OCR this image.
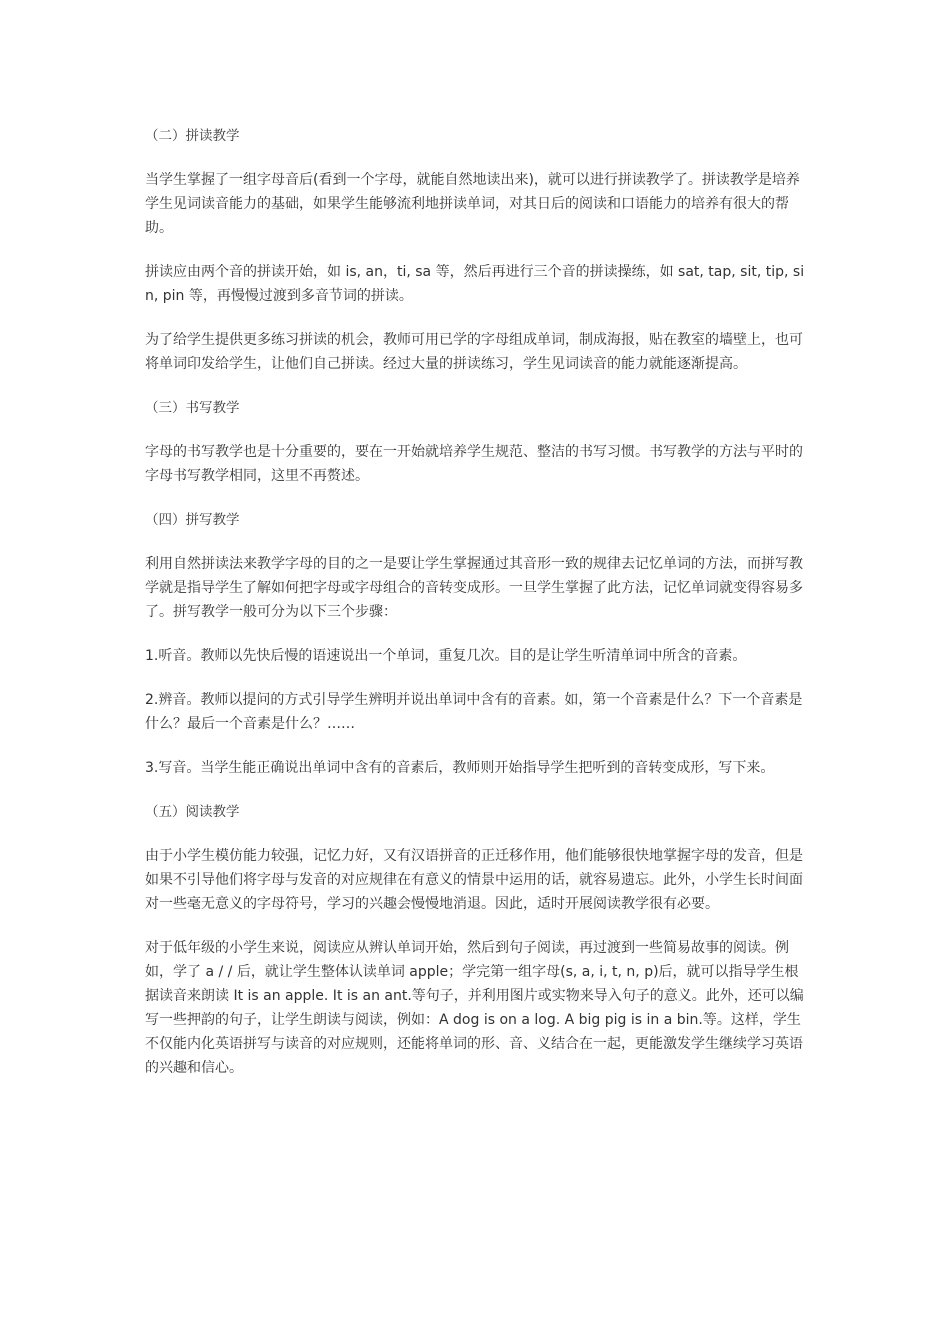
（二）拼读教学

当学生掌握了一组字母音后(看到一个字母，就能自然地读出来)，就可以进行拼读教学了。拼读教学是培养学生见词读音能力的基础，如果学生能够流利地拼读单词，对其日后的阅读和口语能力的培养有很大的帮助。

拼读应由两个音的拼读开始，如 is, an，ti, sa 等，然后再进行三个音的拼读操练，如 sat, tap, sit, tip, sin, pin 等，再慢慢过渡到多音节词的拼读。

为了给学生提供更多练习拼读的机会，教师可用已学的字母组成单词，制成海报，贴在教室的墙壁上，也可将单词印发给学生，让他们自己拼读。经过大量的拼读练习，学生见词读音的能力就能逐渐提高。

（三）书写教学

字母的书写教学也是十分重要的，要在一开始就培养学生规范、整洁的书写习惯。书写教学的方法与平时的字母书写教学相同，这里不再赘述。

（四）拼写教学

利用自然拼读法来教学字母的目的之一是要让学生掌握通过其音形一致的规律去记忆单词的方法，而拼写教学就是指导学生了解如何把字母或字母组合的音转变成形。一旦学生掌握了此方法，记忆单词就变得容易多了。拼写教学一般可分为以下三个步骤：

1.听音。教师以先快后慢的语速说出一个单词，重复几次。目的是让学生听清单词中所含的音素。

2.辨音。教师以提问的方式引导学生辨明并说出单词中含有的音素。如，第一个音素是什么？下一个音素是什么？最后一个音素是什么？……

3.写音。当学生能正确说出单词中含有的音素后，教师则开始指导学生把听到的音转变成形，写下来。

（五）阅读教学

由于小学生模仿能力较强，记忆力好，又有汉语拼音的正迁移作用，他们能够很快地掌握字母的发音，但是如果不引导他们将字母与发音的对应规律在有意义的情景中运用的话，就容易遗忘。此外，小学生长时间面对一些毫无意义的字母符号，学习的兴趣会慢慢地消退。因此，适时开展阅读教学很有必要。

对于低年级的小学生来说，阅读应从辨认单词开始，然后到句子阅读，再过渡到一些简易故事的阅读。例如，学了 a / / 后，就让学生整体认读单词 apple；学完第一组字母(s, a, i, t, n, p)后，就可以指导学生根据读音来朗读 It is an apple. It is an ant.等句子，并利用图片或实物来导入句子的意义。此外，还可以编写一些押韵的句子，让学生朗读与阅读，例如：A dog is on a log. A big pig is in a bin.等。这样，学生不仅能内化英语拼写与读音的对应规则，还能将单词的形、音、义结合在一起，更能激发学生继续学习英语的兴趣和信心。
